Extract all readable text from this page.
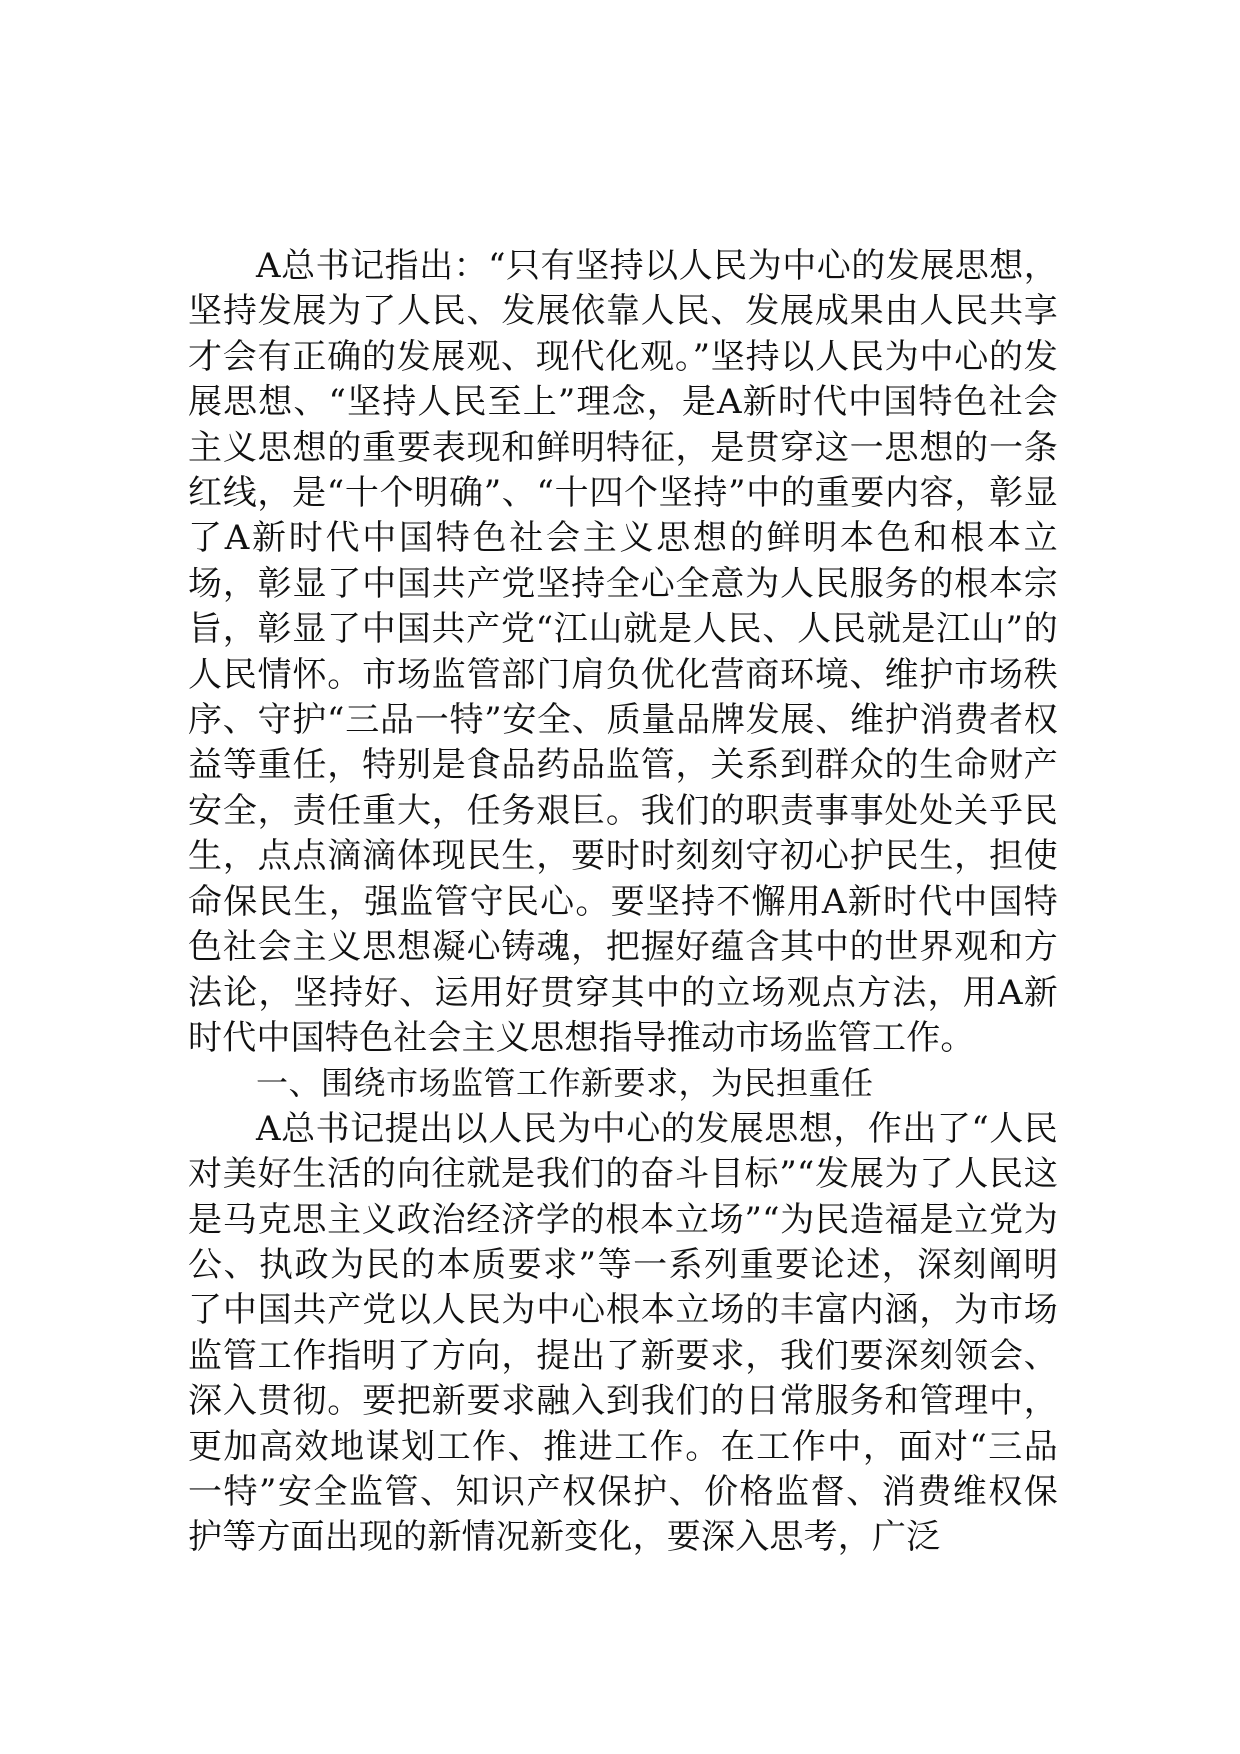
A总书记指出：“只有坚持以人民为中心的发展思想，坚持发展为了人民、发展依靠人民、发展成果由人民共享才会有正确的发展观、现代化观。”坚持以人民为中心的发展思想、“坚持人民至上”理念，是A新时代中国特色社会主义思想的重要表现和鲜明特征，是贯穿这一思想的一条红线，是“十个明确”、“十四个坚持”中的重要内容，彰显了A新时代中国特色社会主义思想的鲜明本色和根本立场，彰显了中国共产党坚持全心全意为人民服务的根本宗旨，彰显了中国共产党“江山就是人民、人民就是江山”的人民情怀。市场监管部门肩负优化营商环境、维护市场秩序、守护“三品一特”安全、质量品牌发展、维护消费者权益等重任，特别是食品药品监管，关系到群众的生命财产安全，责任重大，任务艰巨。我们的职责事事处处关乎民生，点点滴滴体现民生，要时时刻刻守初心护民生，担使命保民生，强监管守民心。要坚持不懈用A新时代中国特色社会主义思想凝心铸魂，把握好蕴含其中的世界观和方法论，坚持好、运用好贯穿其中的立场观点方法，用A新时代中国特色社会主义思想指导推动市场监管工作。

一、围绕市场监管工作新要求，为民担重任

A总书记提出以人民为中心的发展思想，作出了“人民对美好生活的向往就是我们的奋斗目标”“发展为了人民这是马克思主义政治经济学的根本立场”“为民造福是立党为公、执政为民的本质要求”等一系列重要论述，深刻阐明了中国共产党以人民为中心根本立场的丰富内涵，为市场监管工作指明了方向，提出了新要求，我们要深刻领会、深入贯彻。要把新要求融入到我们的日常服务和管理中，更加高效地谋划工作、推进工作。在工作中，面对“三品一特”安全监管、知识产权保护、价格监督、消费维权保护等方面出现的新情况新变化，要深入思考，广泛
